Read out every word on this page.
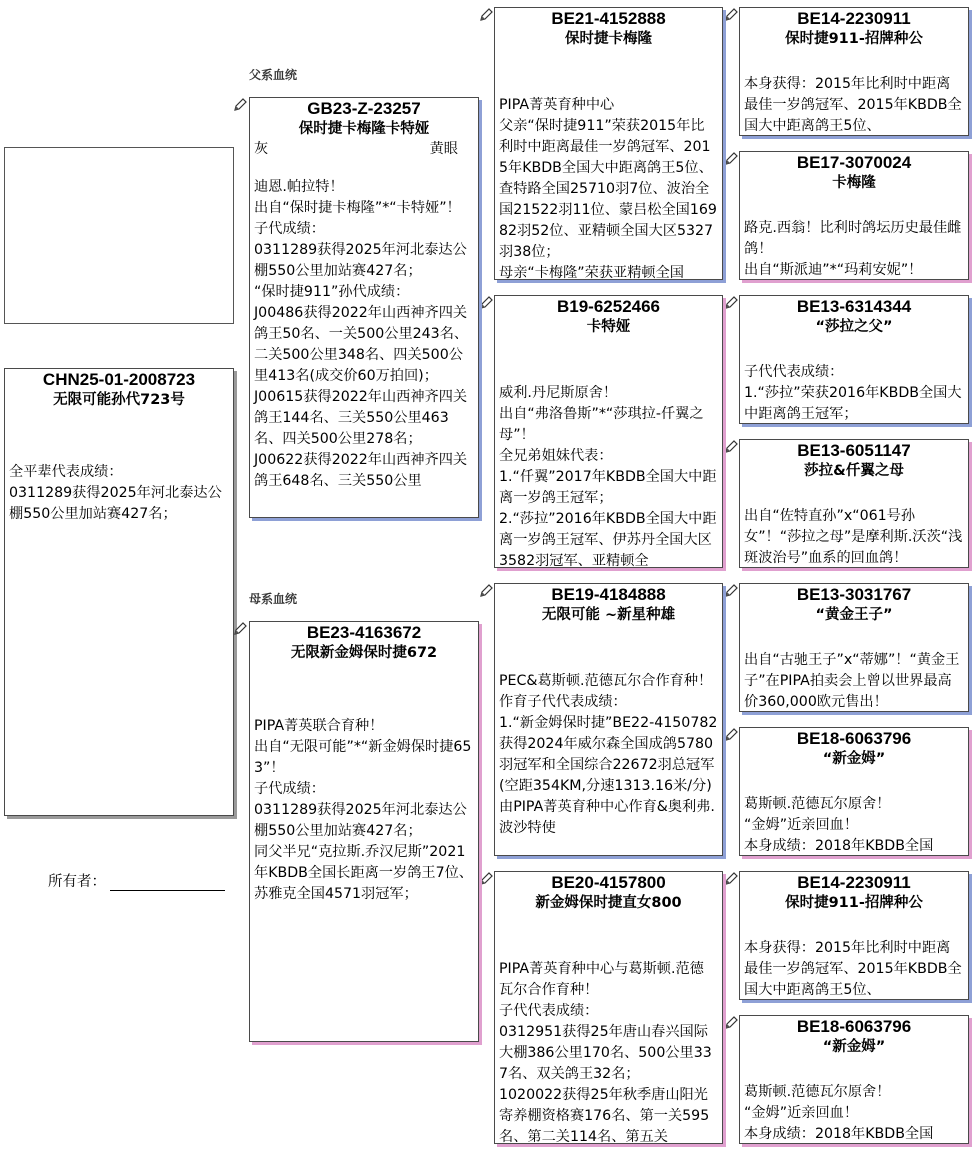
CHN25-01-2008723
无限可能孙代723号
全平辈代表成绩：
0311289获得2025年河北泰达公棚550公里加站赛427名；
所有者：
父系血统
母系血统
GB23-Z-23257
保时捷卡梅隆卡特娅
灰	黄眼
迪恩.帕拉特！
出自“保时捷卡梅隆”*“卡特娅”！
子代成绩：
0311289获得2025年河北泰达公棚550公里加站赛427名；
“保时捷911”孙代成绩：
J00486获得2022年山西神齐四关鸽王50名、一关500公里243名、二关500公里348名、四关500公里413名(成交价60万拍回)；
J00615获得2022年山西神齐四关鸽王144名、三关550公里463名、四关500公里278名；
J00622获得2022年山西神齐四关鸽王648名、三关550公里
BE23-4163672
无限新金姆保时捷672
PIPA菁英联合育种！
出自“无限可能”*“新金姆保时捷653”！
子代成绩：
0311289获得2025年河北泰达公棚550公里加站赛427名；
同父半兄“克拉斯.乔汉尼斯”2021年KBDB全国长距离一岁鸽王7位、苏雅克全国4571羽冠军；
BE21-4152888
保时捷卡梅隆
PIPA菁英育种中心
父亲“保时捷911”荣获2015年比利时中距离最佳一岁鸽冠军、2015年KBDB全国大中距离鸽王5位、查特路全国25710羽7位、波治全国21522羽11位、蒙吕松全国16982羽52位、亚精顿全国大区5327羽38位；
母亲“卡梅隆”荣获亚精顿全国
B19-6252466
卡特娅
威利.丹尼斯原舍！
出自“弗洛鲁斯”*“莎琪拉-仟翼之母”！
全兄弟姐妹代表：
1.“仟翼”2017年KBDB全国大中距离一岁鸽王冠军；
2.“莎拉”2016年KBDB全国大中距离一岁鸽王冠军、伊苏丹全国大区3582羽冠军、亚精顿全
BE19-4184888
无限可能 ~新星种雄
PEC&葛斯顿.范德瓦尔合作育种！
作育子代代表成绩：
1.“新金姆保时捷”BE22-4150782获得2024年威尔森全国成鸽5780羽冠军和全国综合22672羽总冠军(空距354KM,分速1313.16米/分)由PIPA菁英育种中心作育&奥利弗.波沙特使
BE20-4157800
新金姆保时捷直女800
PIPA菁英育种中心与葛斯顿.范德瓦尔合作育种！
子代代表成绩：
0312951获得25年唐山春兴国际大棚386公里170名、500公里337名、双关鸽王32名；
1020022获得25年秋季唐山阳光寄养棚资格赛176名、第一关595名、第二关114名、第五关
BE14-2230911
保时捷911-招牌种公
本身获得：2015年比利时中距离最佳一岁鸽冠军、2015年KBDB全国大中距离鸽王5位、
BE17-3070024
卡梅隆
路克.西翁！比利时鸽坛历史最佳雌鸽！
出自“斯派迪”*“玛莉安妮”！
BE13-6314344
“莎拉之父”
子代代表成绩：
1.“莎拉”荣获2016年KBDB全国大中距离鸽王冠军；
BE13-6051147
莎拉&仟翼之母
出自“佐特直孙”x“061号孙女”！“莎拉之母”是摩利斯.沃茨“浅斑波治号”血系的回血鸽！
BE13-3031767
“黄金王子”
出自“古驰王子”x“蒂娜”！“黄金王子”在PIPA拍卖会上曾以世界最高价360,000欧元售出！
BE18-6063796
“新金姆”
葛斯顿.范德瓦尔原舍！
“金姆”近亲回血！
本身成绩：2018年KBDB全国
BE14-2230911
保时捷911-招牌种公
本身获得：2015年比利时中距离最佳一岁鸽冠军、2015年KBDB全国大中距离鸽王5位、
BE18-6063796
“新金姆”
葛斯顿.范德瓦尔原舍！
“金姆”近亲回血！
本身成绩：2018年KBDB全国
